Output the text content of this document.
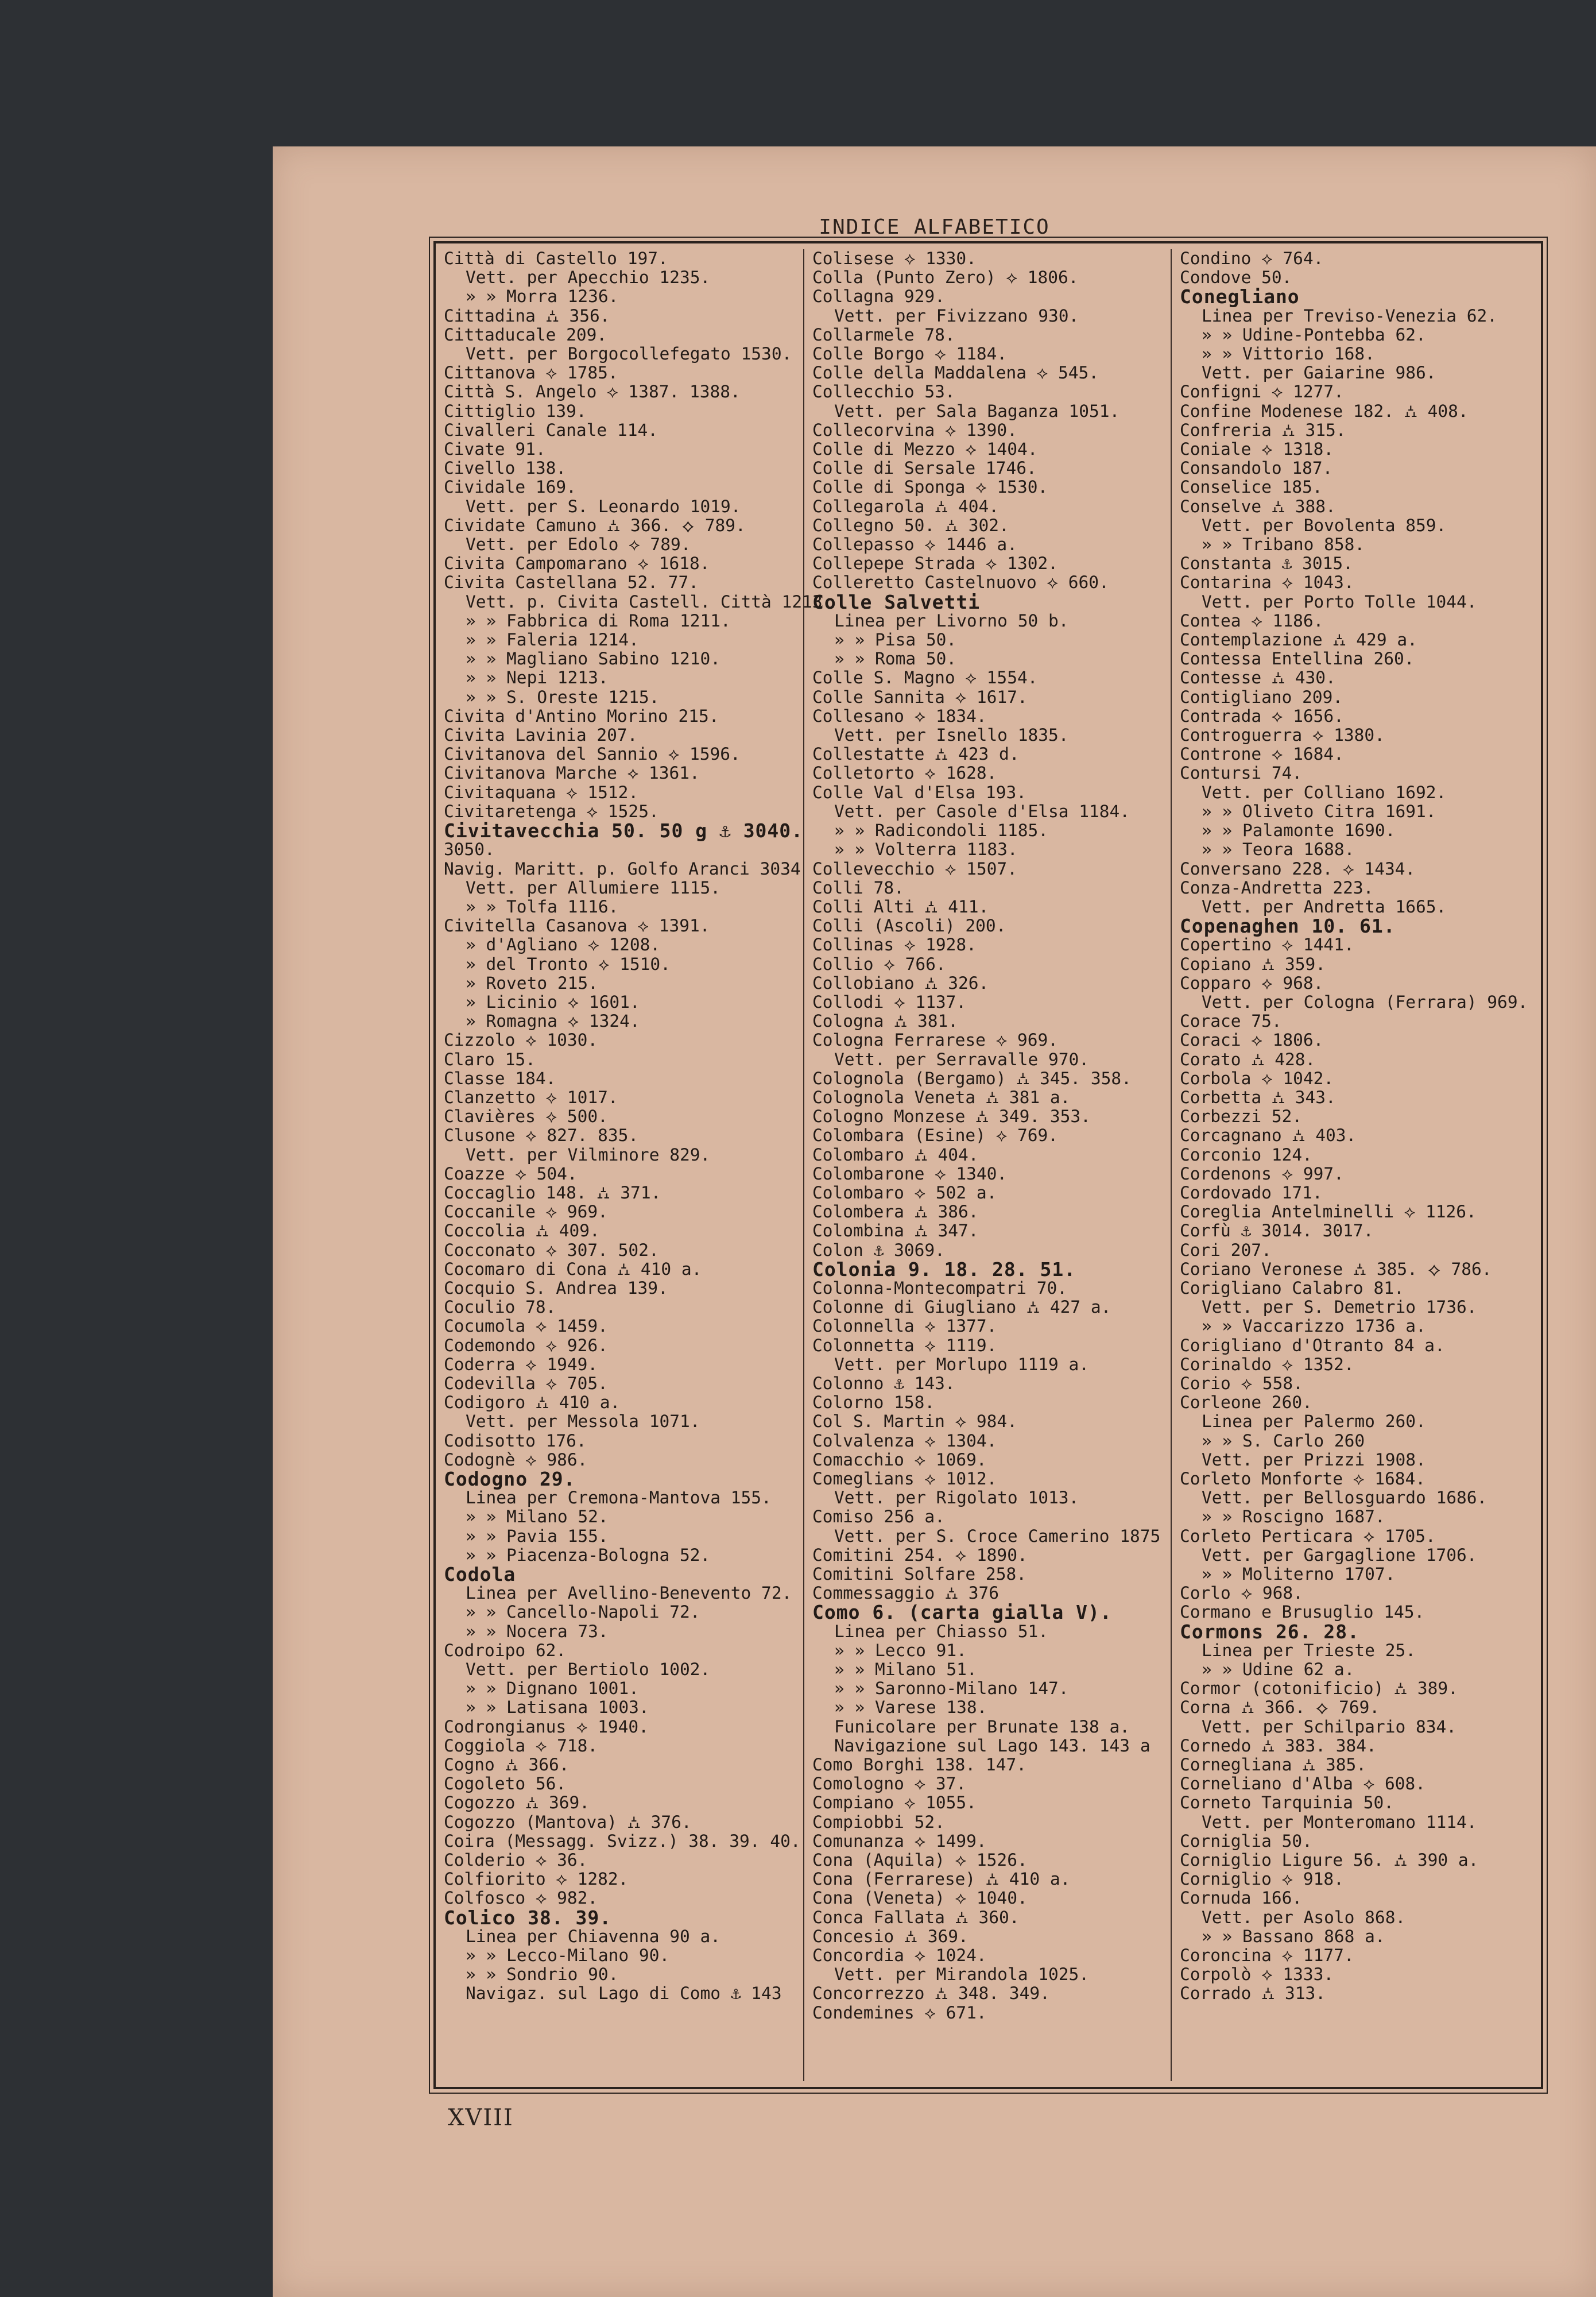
INDICE ALFABETICO
Città di Castello 197.
Vett. per Apecchio 1235.
» » Morra 1236.
Cittadina ⛼ 356.
Cittaducale 209.
Vett. per Borgocollefegato 1530.
Cittanova ⟡ 1785.
Città S. Angelo ⟡ 1387. 1388.
Cittiglio 139.
Civalleri Canale 114.
Civate 91.
Civello 138.
Cividale 169.
Vett. per S. Leonardo 1019.
Cividate Camuno ⛼ 366. ⟡ 789.
Vett. per Edolo ⟡ 789.
Civita Campomarano ⟡ 1618.
Civita Castellana 52. 77.
Vett. p. Civita Castell. Città 1213.
» » Fabbrica di Roma 1211.
» » Faleria 1214.
» » Magliano Sabino 1210.
» » Nepi 1213.
» » S. Oreste 1215.
Civita d'Antino Morino 215.
Civita Lavinia 207.
Civitanova del Sannio ⟡ 1596.
Civitanova Marche ⟡ 1361.
Civitaquana ⟡ 1512.
Civitaretenga ⟡ 1525.
Civitavecchia 50. 50 g ⚓ 3040.
3050.
Navig. Maritt. p. Golfo Aranci 3034
Vett. per Allumiere 1115.
» » Tolfa 1116.
Civitella Casanova ⟡ 1391.
» d'Agliano ⟡ 1208.
» del Tronto ⟡ 1510.
» Roveto 215.
» Licinio ⟡ 1601.
» Romagna ⟡ 1324.
Cizzolo ⟡ 1030.
Claro 15.
Classe 184.
Clanzetto ⟡ 1017.
Clavières ⟡ 500.
Clusone ⟡ 827. 835.
Vett. per Vilminore 829.
Coazze ⟡ 504.
Coccaglio 148. ⛼ 371.
Coccanile ⟡ 969.
Coccolia ⛼ 409.
Cocconato ⟡ 307. 502.
Cocomaro di Cona ⛼ 410 a.
Cocquio S. Andrea 139.
Coculio 78.
Cocumola ⟡ 1459.
Codemondo ⟡ 926.
Coderra ⟡ 1949.
Codevilla ⟡ 705.
Codigoro ⛼ 410 a.
Vett. per Messola 1071.
Codisotto 176.
Codognè ⟡ 986.
Codogno 29.
Linea per Cremona-Mantova 155.
» » Milano 52.
» » Pavia 155.
» » Piacenza-Bologna 52.
Codola
Linea per Avellino-Benevento 72.
» » Cancello-Napoli 72.
» » Nocera 73.
Codroipo 62.
Vett. per Bertiolo 1002.
» » Dignano 1001.
» » Latisana 1003.
Codrongianus ⟡ 1940.
Coggiola ⟡ 718.
Cogno ⛼ 366.
Cogoleto 56.
Cogozzo ⛼ 369.
Cogozzo (Mantova) ⛼ 376.
Coira (Messagg. Svizz.) 38. 39. 40.
Colderio ⟡ 36.
Colfiorito ⟡ 1282.
Colfosco ⟡ 982.
Colico 38. 39.
Linea per Chiavenna 90 a.
» » Lecco-Milano 90.
» » Sondrio 90.
Navigaz. sul Lago di Como ⚓ 143
Colisese ⟡ 1330.
Colla (Punto Zero) ⟡ 1806.
Collagna 929.
Vett. per Fivizzano 930.
Collarmele 78.
Colle Borgo ⟡ 1184.
Colle della Maddalena ⟡ 545.
Collecchio 53.
Vett. per Sala Baganza 1051.
Collecorvina ⟡ 1390.
Colle di Mezzo ⟡ 1404.
Colle di Sersale 1746.
Colle di Sponga ⟡ 1530.
Collegarola ⛼ 404.
Collegno 50. ⛼ 302.
Collepasso ⟡ 1446 a.
Collepepe Strada ⟡ 1302.
Colleretto Castelnuovo ⟡ 660.
Colle Salvetti
Linea per Livorno 50 b.
» » Pisa 50.
» » Roma 50.
Colle S. Magno ⟡ 1554.
Colle Sannita ⟡ 1617.
Collesano ⟡ 1834.
Vett. per Isnello 1835.
Collestatte ⛼ 423 d.
Colletorto ⟡ 1628.
Colle Val d'Elsa 193.
Vett. per Casole d'Elsa 1184.
» » Radicondoli 1185.
» » Volterra 1183.
Collevecchio ⟡ 1507.
Colli 78.
Colli Alti ⛼ 411.
Colli (Ascoli) 200.
Collinas ⟡ 1928.
Collio ⟡ 766.
Collobiano ⛼ 326.
Collodi ⟡ 1137.
Cologna ⛼ 381.
Cologna Ferrarese ⟡ 969.
Vett. per Serravalle 970.
Colognola (Bergamo) ⛼ 345. 358.
Colognola Veneta ⛼ 381 a.
Cologno Monzese ⛼ 349. 353.
Colombara (Esine) ⟡ 769.
Colombaro ⛼ 404.
Colombarone ⟡ 1340.
Colombaro ⟡ 502 a.
Colombera ⛼ 386.
Colombina ⛼ 347.
Colon ⚓ 3069.
Colonia 9. 18. 28. 51.
Colonna-Montecompatri 70.
Colonne di Giugliano ⛼ 427 a.
Colonnella ⟡ 1377.
Colonnetta ⟡ 1119.
Vett. per Morlupo 1119 a.
Colonno ⚓ 143.
Colorno 158.
Col S. Martin ⟡ 984.
Colvalenza ⟡ 1304.
Comacchio ⟡ 1069.
Comeglians ⟡ 1012.
Vett. per Rigolato 1013.
Comiso 256 a.
Vett. per S. Croce Camerino 1875
Comitini 254. ⟡ 1890.
Comitini Solfare 258.
Commessaggio ⛼ 376
Como 6. (carta gialla V).
Linea per Chiasso 51.
» » Lecco 91.
» » Milano 51.
» » Saronno-Milano 147.
» » Varese 138.
Funicolare per Brunate 138 a.
Navigazione sul Lago 143. 143 a
Como Borghi 138. 147.
Comologno ⟡ 37.
Compiano ⟡ 1055.
Compiobbi 52.
Comunanza ⟡ 1499.
Cona (Aquila) ⟡ 1526.
Cona (Ferrarese) ⛼ 410 a.
Cona (Veneta) ⟡ 1040.
Conca Fallata ⛼ 360.
Concesio ⛼ 369.
Concordia ⟡ 1024.
Vett. per Mirandola 1025.
Concorrezzo ⛼ 348. 349.
Condemines ⟡ 671.
Condino ⟡ 764.
Condove 50.
Conegliano
Linea per Treviso-Venezia 62.
» » Udine-Pontebba 62.
» » Vittorio 168.
Vett. per Gaiarine 986.
Configni ⟡ 1277.
Confine Modenese 182. ⛼ 408.
Confreria ⛼ 315.
Coniale ⟡ 1318.
Consandolo 187.
Conselice 185.
Conselve ⛼ 388.
Vett. per Bovolenta 859.
» » Tribano 858.
Constanta ⚓ 3015.
Contarina ⟡ 1043.
Vett. per Porto Tolle 1044.
Contea ⟡ 1186.
Contemplazione ⛼ 429 a.
Contessa Entellina 260.
Contesse ⛼ 430.
Contigliano 209.
Contrada ⟡ 1656.
Controguerra ⟡ 1380.
Controne ⟡ 1684.
Contursi 74.
Vett. per Colliano 1692.
» » Oliveto Citra 1691.
» » Palamonte 1690.
» » Teora 1688.
Conversano 228. ⟡ 1434.
Conza-Andretta 223.
Vett. per Andretta 1665.
Copenaghen 10. 61.
Copertino ⟡ 1441.
Copiano ⛼ 359.
Copparo ⟡ 968.
Vett. per Cologna (Ferrara) 969.
Corace 75.
Coraci ⟡ 1806.
Corato ⛼ 428.
Corbola ⟡ 1042.
Corbetta ⛼ 343.
Corbezzi 52.
Corcagnano ⛼ 403.
Corconio 124.
Cordenons ⟡ 997.
Cordovado 171.
Coreglia Antelminelli ⟡ 1126.
Corfù ⚓ 3014. 3017.
Cori 207.
Coriano Veronese ⛼ 385. ⟡ 786.
Corigliano Calabro 81.
Vett. per S. Demetrio 1736.
» » Vaccarizzo 1736 a.
Corigliano d'Otranto 84 a.
Corinaldo ⟡ 1352.
Corio ⟡ 558.
Corleone 260.
Linea per Palermo 260.
» » S. Carlo 260
Vett. per Prizzi 1908.
Corleto Monforte ⟡ 1684.
Vett. per Bellosguardo 1686.
» » Roscigno 1687.
Corleto Perticara ⟡ 1705.
Vett. per Gargaglione 1706.
» » Moliterno 1707.
Corlo ⟡ 968.
Cormano e Brusuglio 145.
Cormons 26. 28.
Linea per Trieste 25.
» » Udine 62 a.
Cormor (cotonificio) ⛼ 389.
Corna ⛼ 366. ⟡ 769.
Vett. per Schilpario 834.
Cornedo ⛼ 383. 384.
Cornegliana ⛼ 385.
Corneliano d'Alba ⟡ 608.
Corneto Tarquinia 50.
Vett. per Monteromano 1114.
Corniglia 50.
Corniglio Ligure 56. ⛼ 390 a.
Corniglio ⟡ 918.
Cornuda 166.
Vett. per Asolo 868.
» » Bassano 868 a.
Coroncina ⟡ 1177.
Corpolò ⟡ 1333.
Corrado ⛼ 313.
XVIII
